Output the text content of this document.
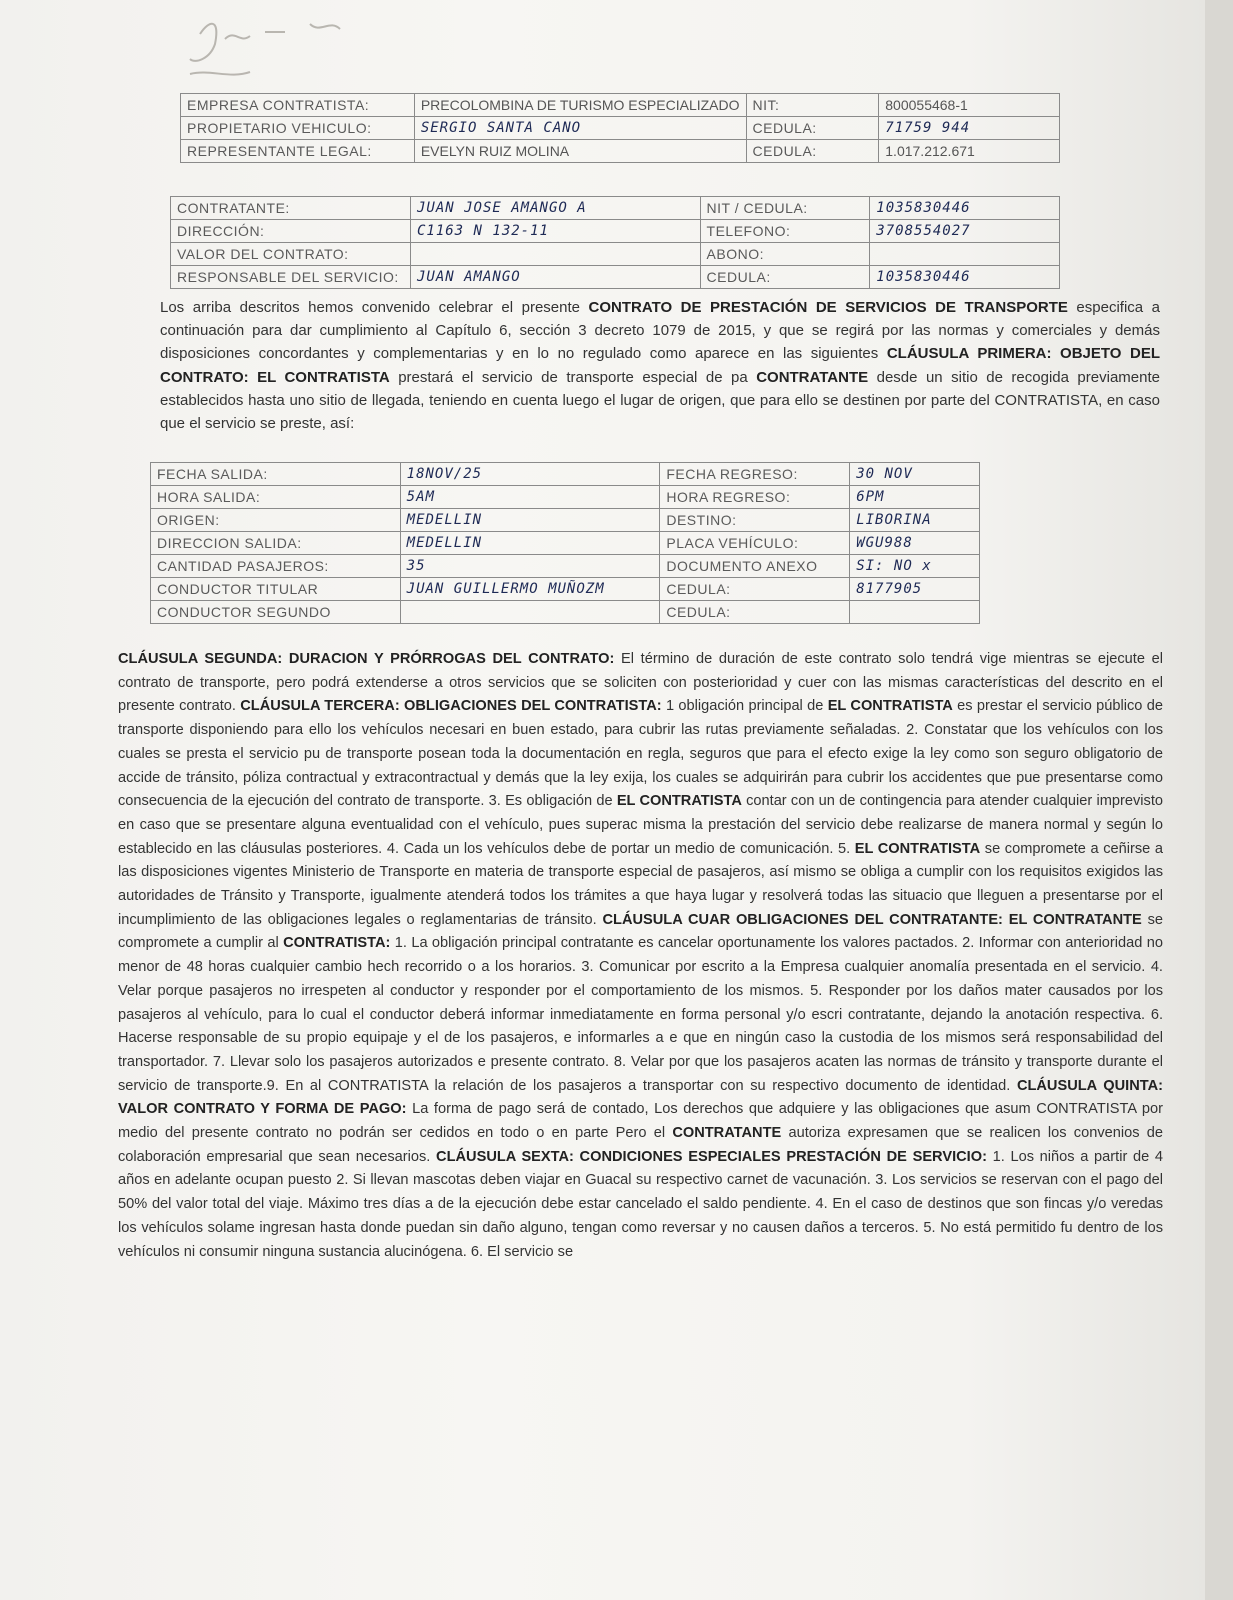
EMPRESA CONTRATISTA:	PRECOLOMBINA DE TURISMO ESPECIALIZADO	NIT:	800055468-1
PROPIETARIO VEHICULO:	SERGIO SANTA CANO	CEDULA:	71759 944
REPRESENTANTE LEGAL:	EVELYN RUIZ MOLINA	CEDULA:	1.017.212.671
CONTRATANTE:	JUAN JOSE AMANGO A	NIT / CEDULA:	1035830446
DIRECCIÓN:	C1163 N 132-11	TELEFONO:	3708554027
VALOR DEL CONTRATO:		ABONO:	
RESPONSABLE DEL SERVICIO:	JUAN AMANGO	CEDULA:	1035830446

Los arriba descritos hemos convenido celebrar el presente CONTRATO DE PRESTACIÓN DE SERVICIOS DE TRANSPORTE especifica a continuación para dar cumplimiento al Capítulo 6, sección 3 decreto 1079 de 2015, y que se regirá por las normas y comerciales y demás disposiciones concordantes y complementarias y en lo no regulado como aparece en las siguientes CLÁUSULA PRIMERA: OBJETO DEL CONTRATO: EL CONTRATISTA prestará el servicio de transporte especial de pa CONTRATANTE desde un sitio de recogida previamente establecidos hasta uno sitio de llegada, teniendo en cuenta luego el lugar de origen, que para ello se destinen por parte del CONTRATISTA, en caso que el servicio se preste, así:

FECHA SALIDA:	18NOV/25	FECHA REGRESO:	30 NOV
HORA SALIDA:	5AM	HORA REGRESO:	6PM
ORIGEN:	MEDELLIN	DESTINO:	LIBORINA
DIRECCION SALIDA:	MEDELLIN	PLACA VEHÍCULO:	WGU988
CANTIDAD PASAJEROS:	35	DOCUMENTO ANEXO	SI: NO x
CONDUCTOR TITULAR	JUAN GUILLERMO MUÑOZM	CEDULA:	8177905
CONDUCTOR SEGUNDO		CEDULA:	

CLÁUSULA SEGUNDA: DURACION Y PRÓRROGAS DEL CONTRATO: El término de duración de este contrato solo tendrá vige mientras se ejecute el contrato de transporte, pero podrá extenderse a otros servicios que se soliciten con posterioridad y cuer con las mismas características del descrito en el presente contrato. CLÁUSULA TERCERA: OBLIGACIONES DEL CONTRATISTA: 1 obligación principal de EL CONTRATISTA es prestar el servicio público de transporte disponiendo para ello los vehículos necesari en buen estado, para cubrir las rutas previamente señaladas. 2. Constatar que los vehículos con los cuales se presta el servicio pu de transporte posean toda la documentación en regla, seguros que para el efecto exige la ley como son seguro obligatorio de accide de tránsito, póliza contractual y extracontractual y demás que la ley exija, los cuales se adquirirán para cubrir los accidentes que pue presentarse como consecuencia de la ejecución del contrato de transporte. 3. Es obligación de EL CONTRATISTA contar con un de contingencia para atender cualquier imprevisto en caso que se presentare alguna eventualidad con el vehículo, pues superac misma la prestación del servicio debe realizarse de manera normal y según lo establecido en las cláusulas posteriores. 4. Cada un los vehículos debe de portar un medio de comunicación. 5. EL CONTRATISTA se compromete a ceñirse a las disposiciones vigentes Ministerio de Transporte en materia de transporte especial de pasajeros, así mismo se obliga a cumplir con los requisitos exigidos las autoridades de Tránsito y Transporte, igualmente atenderá todos los trámites a que haya lugar y resolverá todas las situacio que lleguen a presentarse por el incumplimiento de las obligaciones legales o reglamentarias de tránsito. CLÁUSULA CUAR OBLIGACIONES DEL CONTRATANTE: EL CONTRATANTE se compromete a cumplir al CONTRATISTA: 1. La obligación principal contratante es cancelar oportunamente los valores pactados. 2. Informar con anterioridad no menor de 48 horas cualquier cambio hech recorrido o a los horarios. 3. Comunicar por escrito a la Empresa cualquier anomalía presentada en el servicio. 4. Velar porque pasajeros no irrespeten al conductor y responder por el comportamiento de los mismos. 5. Responder por los daños mater causados por los pasajeros al vehículo, para lo cual el conductor deberá informar inmediatamente en forma personal y/o escri contratante, dejando la anotación respectiva. 6. Hacerse responsable de su propio equipaje y el de los pasajeros, e informarles a e que en ningún caso la custodia de los mismos será responsabilidad del transportador. 7. Llevar solo los pasajeros autorizados e presente contrato. 8. Velar por que los pasajeros acaten las normas de tránsito y transporte durante el servicio de transporte.9. En al CONTRATISTA la relación de los pasajeros a transportar con su respectivo documento de identidad. CLÁUSULA QUINTA: VALOR CONTRATO Y FORMA DE PAGO: La forma de pago será de contado, Los derechos que adquiere y las obligaciones que asum CONTRATISTA por medio del presente contrato no podrán ser cedidos en todo o en parte Pero el CONTRATANTE autoriza expresamen que se realicen los convenios de colaboración empresarial que sean necesarios. CLÁUSULA SEXTA: CONDICIONES ESPECIALES PRESTACIÓN DE SERVICIO: 1. Los niños a partir de 4 años en adelante ocupan puesto 2. Si llevan mascotas deben viajar en Guacal su respectivo carnet de vacunación. 3. Los servicios se reservan con el pago del 50% del valor total del viaje. Máximo tres días a de la ejecución debe estar cancelado el saldo pendiente. 4. En el caso de destinos que son fincas y/o veredas los vehículos solame ingresan hasta donde puedan sin daño alguno, tengan como reversar y no causen daños a terceros. 5. No está permitido fu dentro de los vehículos ni consumir ninguna sustancia alucinógena. 6. El servicio se
